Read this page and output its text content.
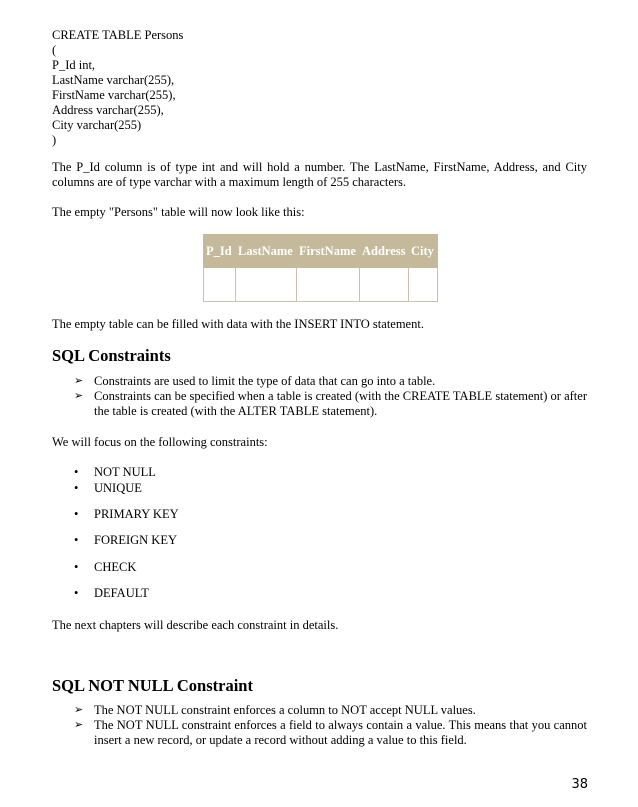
CREATE TABLE Persons
(
P_Id int,
LastName varchar(255),
FirstName varchar(255),
Address varchar(255),
City varchar(255)
)
The P_Id column is of type int and will hold a number. The LastName, FirstName, Address, and City columns are of type varchar with a maximum length of 255 characters.
The empty "Persons" table will now look like this:
P_Id	LastName	FirstName	Address	City

The empty table can be filled with data with the INSERT INTO statement.
SQL Constraints
➢ Constraints are used to limit the type of data that can go into a table.
➢ Constraints can be specified when a table is created (with the CREATE TABLE statement) or after the table is created (with the ALTER TABLE statement).
We will focus on the following constraints:
• NOT NULL
• UNIQUE
• PRIMARY KEY
• FOREIGN KEY
• CHECK
• DEFAULT
The next chapters will describe each constraint in details.
SQL NOT NULL Constraint
➢ The NOT NULL constraint enforces a column to NOT accept NULL values.
➢ The NOT NULL constraint enforces a field to always contain a value. This means that you cannot insert a new record, or update a record without adding a value to this field.
38
